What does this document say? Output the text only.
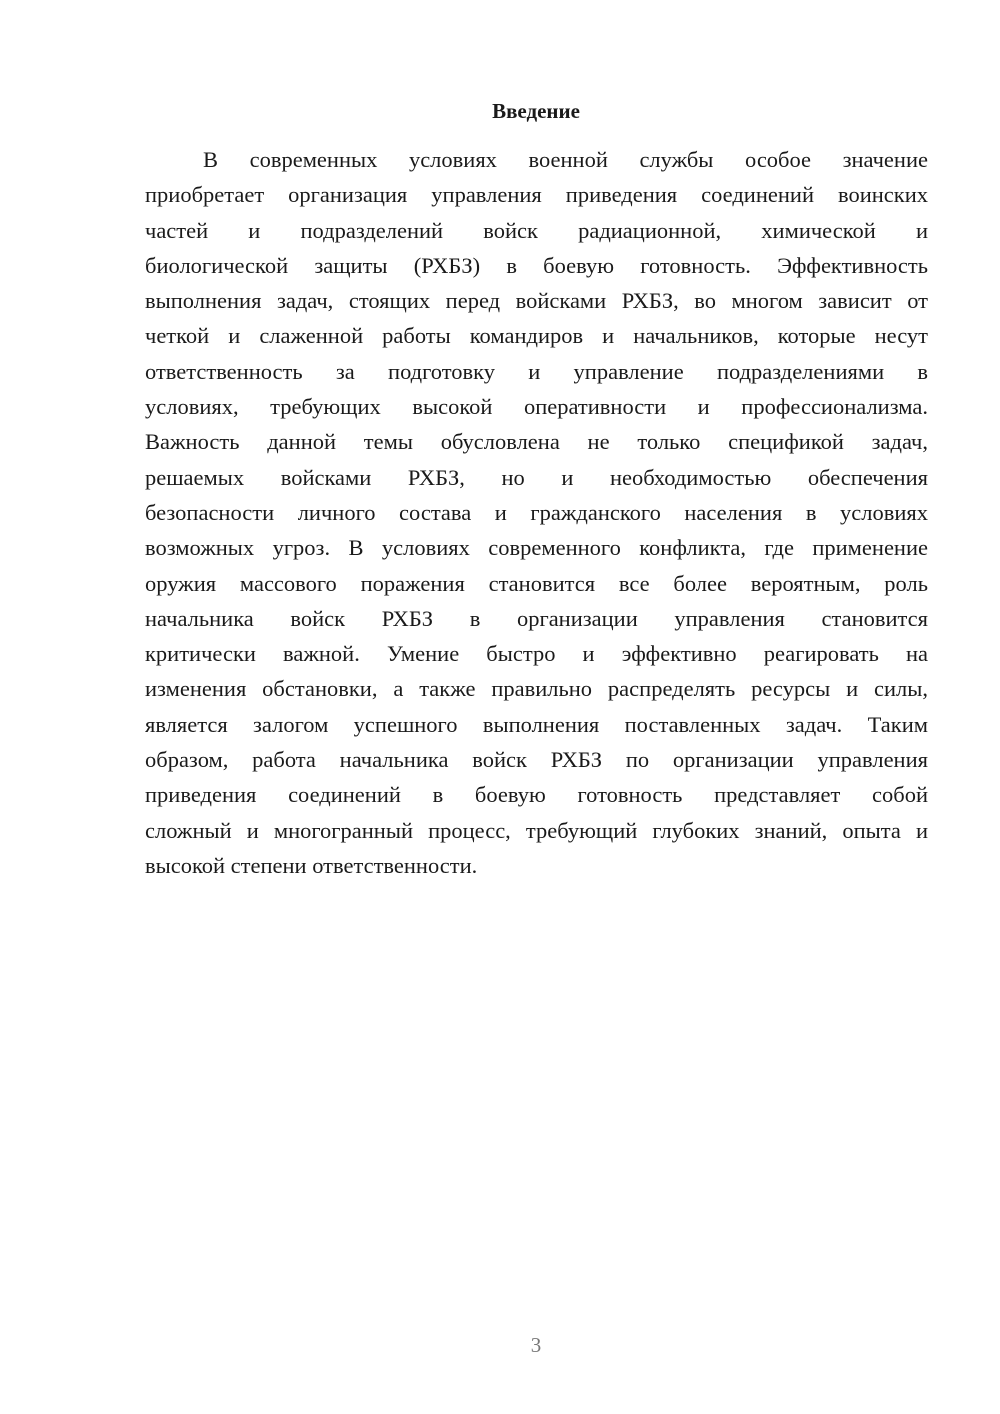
Введение
В современных условиях военной службы особое значение
приобретает организация управления приведения соединений воинских
частей и подразделений войск радиационной, химической и
биологической защиты (РХБЗ) в боевую готовность. Эффективность
выполнения задач, стоящих перед войсками РХБЗ, во многом зависит от
четкой и слаженной работы командиров и начальников, которые несут
ответственность за подготовку и управление подразделениями в
условиях, требующих высокой оперативности и профессионализма.
Важность данной темы обусловлена не только спецификой задач,
решаемых войсками РХБЗ, но и необходимостью обеспечения
безопасности личного состава и гражданского населения в условиях
возможных угроз. В условиях современного конфликта, где применение
оружия массового поражения становится все более вероятным, роль
начальника войск РХБЗ в организации управления становится
критически важной. Умение быстро и эффективно реагировать на
изменения обстановки, а также правильно распределять ресурсы и силы,
является залогом успешного выполнения поставленных задач. Таким
образом, работа начальника войск РХБЗ по организации управления
приведения соединений в боевую готовность представляет собой
сложный и многогранный процесс, требующий глубоких знаний, опыта и
высокой степени ответственности.
3
